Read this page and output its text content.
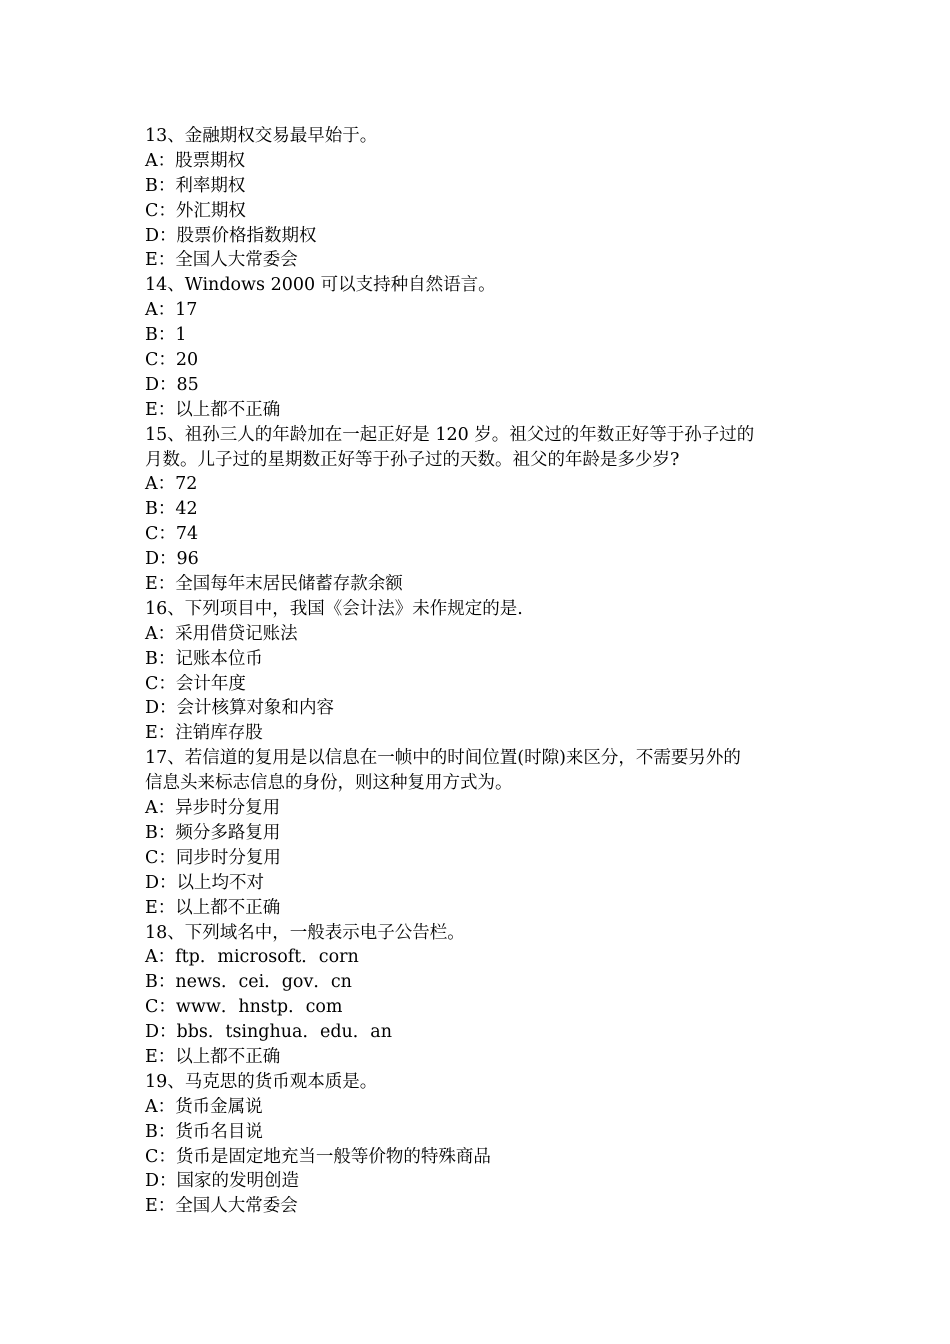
13、金融期权交易最早始于。
A：股票期权
B：利率期权
C：外汇期权
D：股票价格指数期权
E：全国人大常委会
14、Windows 2000 可以支持种自然语言。
A：17
B：1
C：20
D：85
E：以上都不正确
15、祖孙三人的年龄加在一起正好是 120 岁。祖父过的年数正好等于孙子过的
月数。儿子过的星期数正好等于孙子过的天数。祖父的年龄是多少岁?
A：72
B：42
C：74
D：96
E：全国每年末居民储蓄存款余额
16、下列项目中，我国《会计法》未作规定的是.
A：采用借贷记账法
B：记账本位币
C：会计年度
D：会计核算对象和内容
E：注销库存股
17、若信道的复用是以信息在一帧中的时间位置(时隙)来区分，不需要另外的
信息头来标志信息的身份，则这种复用方式为。
A：异步时分复用
B：频分多路复用
C：同步时分复用
D：以上均不对
E：以上都不正确
18、下列域名中，一般表示电子公告栏。
A：ftp．microsoft．corn
B：news．cei．gov．cn
C：www．hnstp．com
D：bbs．tsinghua．edu．an
E：以上都不正确
19、马克思的货币观本质是。
A：货币金属说
B：货币名目说
C：货币是固定地充当一般等价物的特殊商品
D：国家的发明创造
E：全国人大常委会
